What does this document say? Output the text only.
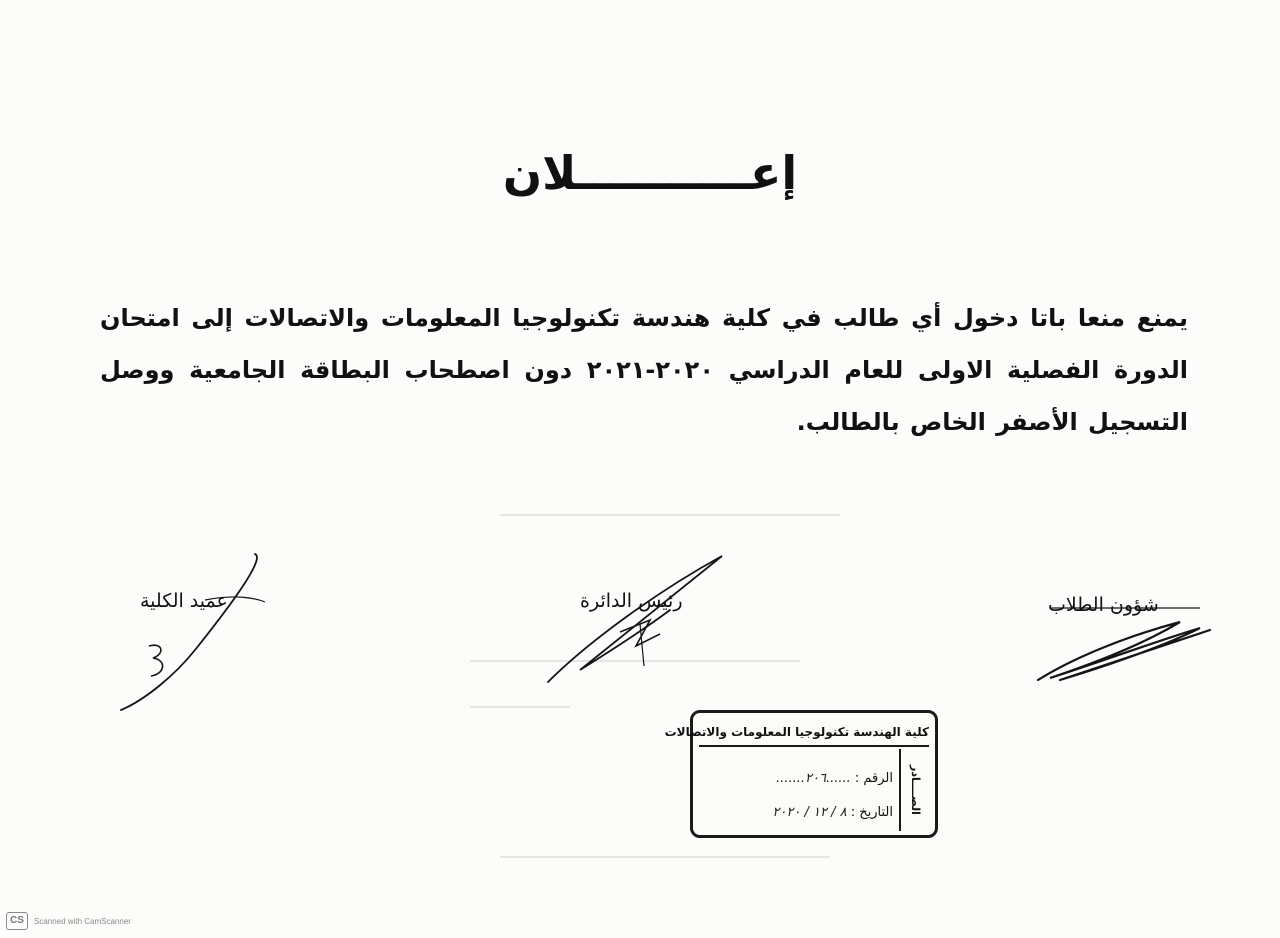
إعـــــــــــلان
يمنع منعا باتا دخول أي طالب في كلية هندسة تكنولوجيا المعلومات والاتصالات إلى امتحان الدورة الفصلية الاولى للعام الدراسي ٢٠٢٠-٢٠٢١ دون اصطحاب البطاقة الجامعية ووصل التسجيل الأصفر الخاص بالطالب.
شؤون الطلاب
رئيس الدائرة
عميد الكلية
كلية الهندسة تكنولوجيا المعلومات والاتصالات
الصــــادر
الرقم : ......٢٠٦.......
التاريخ : ٨ / ١٢ / ٢٠٢٠
CS	Scanned with CamScanner
